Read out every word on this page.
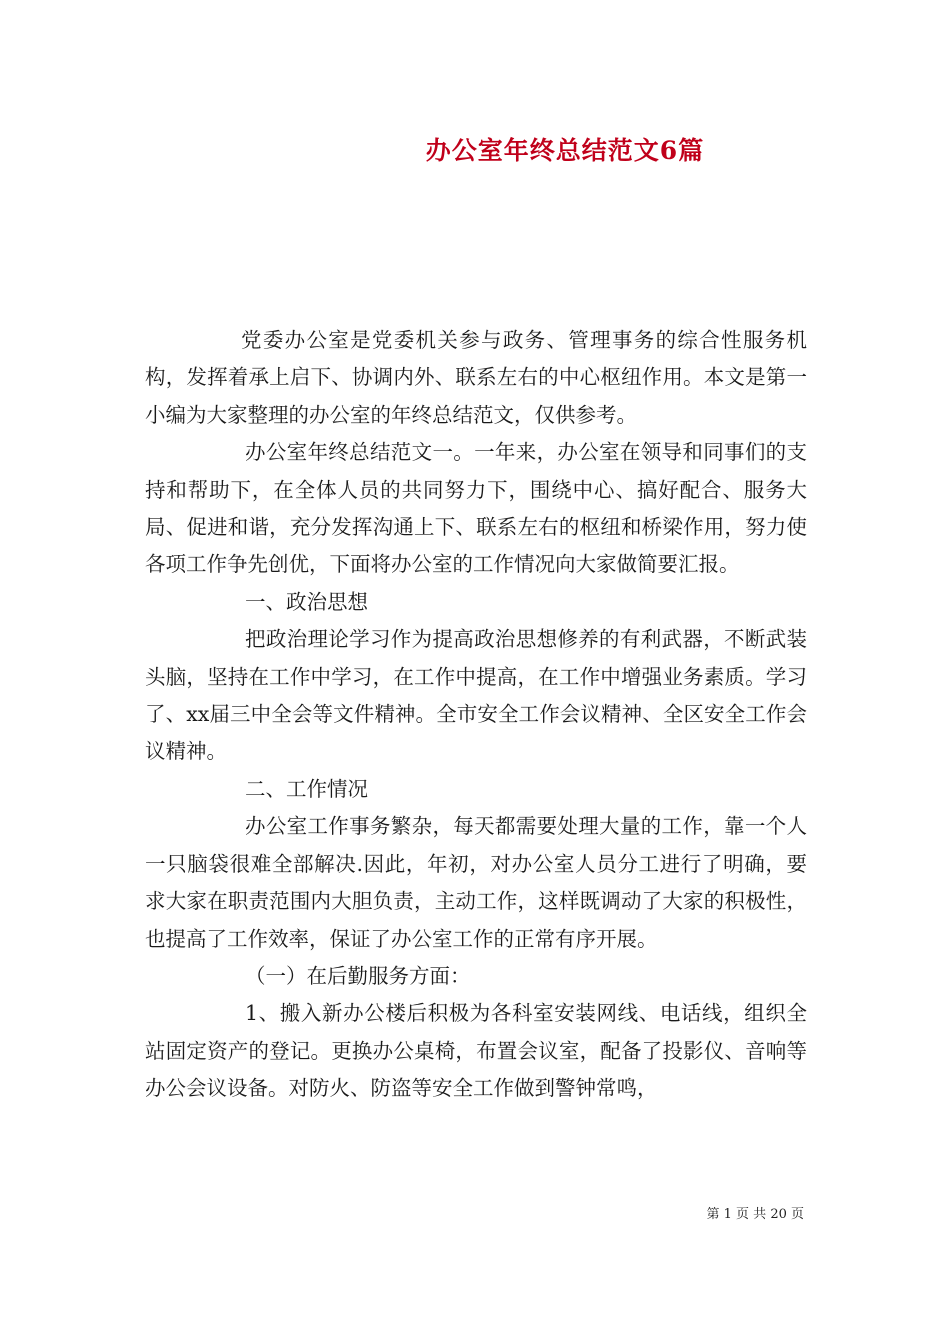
办公室年终总结范文6篇

党委办公室是党委机关参与政务、管理事务的综合性服务机构，发挥着承上启下、协调内外、联系左右的中心枢纽作用。本文是第一小编为大家整理的办公室的年终总结范文，仅供参考。

办公室年终总结范文一。一年来，办公室在领导和同事们的支持和帮助下，在全体人员的共同努力下，围绕中心、搞好配合、服务大局、促进和谐，充分发挥沟通上下、联系左右的枢纽和桥梁作用，努力使各项工作争先创优，下面将办公室的工作情况向大家做简要汇报。

一、政治思想

把政治理论学习作为提高政治思想修养的有利武器，不断武装头脑，坚持在工作中学习，在工作中提高，在工作中增强业务素质。学习了、xx届三中全会等文件精神。全市安全工作会议精神、全区安全工作会议精神。

二、工作情况

办公室工作事务繁杂，每天都需要处理大量的工作，靠一个人一只脑袋很难全部解决.因此，年初，对办公室人员分工进行了明确，要求大家在职责范围内大胆负责，主动工作，这样既调动了大家的积极性，也提高了工作效率，保证了办公室工作的正常有序开展。

（一）在后勤服务方面：

1、搬入新办公楼后积极为各科室安装网线、电话线，组织全站固定资产的登记。更换办公桌椅，布置会议室，配备了投影仪、音响等办公会议设备。对防火、防盗等安全工作做到警钟常鸣，

第 1 页 共 20 页
